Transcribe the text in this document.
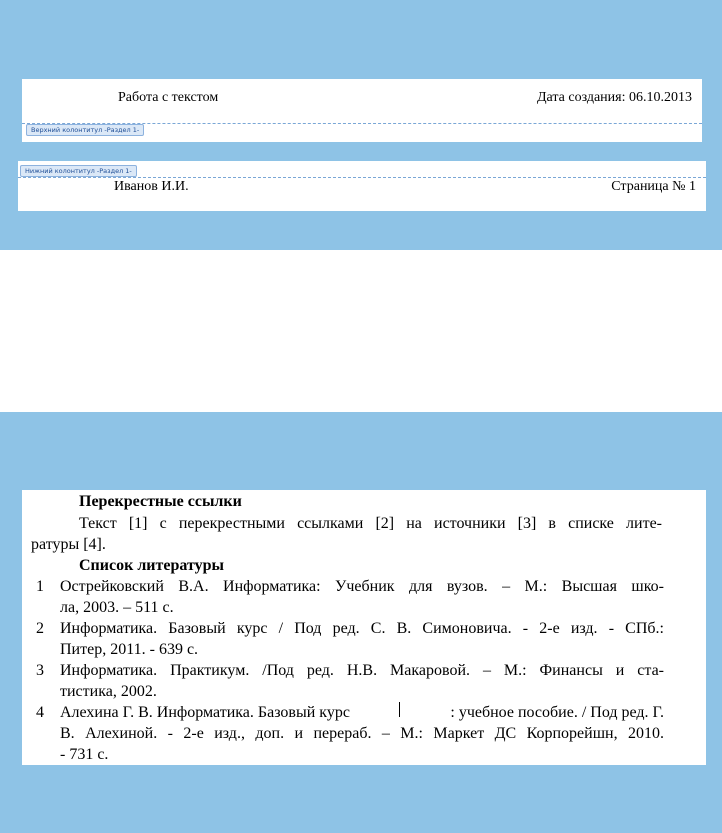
Работа с текстом	Дата создания: 06.10.2013
Верхний колонтитул -Раздел 1-
Нижний колонтитул -Раздел 1-
Иванов И.И.	Страница № 1
Перекрестные ссылки
Текст [1] с перекрестными ссылками [2] на источники [3] в списке лите-
ратуры [4].
Список литературы
1 Острейковский В.А. Информатика: Учебник для вузов. – М.: Высшая шко-
ла, 2003. – 511 с.
2 Информатика. Базовый курс / Под ред. С. В. Симоновича. - 2-е изд. - СПб.:
Питер, 2011. - 639 с.
3 Информатика. Практикум. /Под ред. Н.В. Макаровой. – М.: Финансы и ста-
тистика, 2002.
4 Алехина Г. В. Информатика. Базовый курс	: учебное пособие. / Под ред. Г.
В. Алехиной. - 2-е изд., доп. и перераб. – М.: Маркет ДС Корпорейшн, 2010.
- 731 с.
